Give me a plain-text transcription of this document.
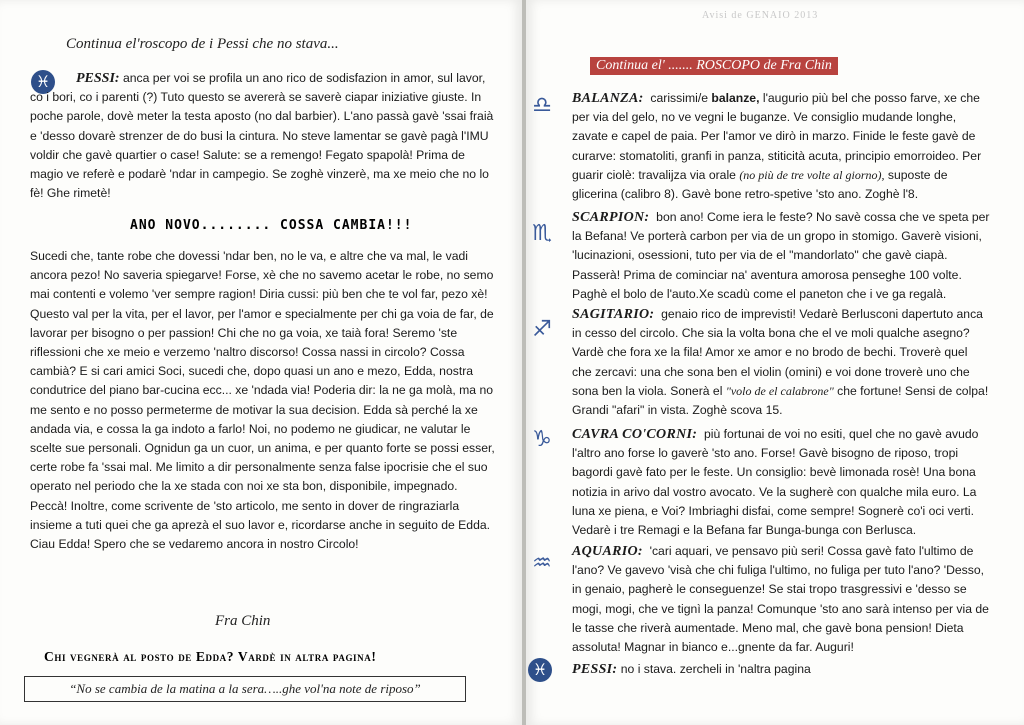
Continua el'roscopo de i Pessi che no stava...
♓	PESSI: anca per voi se profila un ano rico de sodisfazion in amor, sul lavor, co i bori, co i parenti (?) Tuto questo se avererà se saverè ciapar iniziative giuste. In poche parole, dovè meter la testa aposto (no dal barbier). L'ano passà gavè 'ssai fraià e 'desso dovarè strenzer de do busi la cintura. No steve lamentar se gavè pagà l'IMU voldir che gavè quartier o case! Salute: se a remengo! Fegato spapolà! Prima de magio ve referè e podarè 'ndar in campegio. Se zoghè vinzerè, ma xe meio che no lo fè! Ghe rimetè!
ANO NOVO........ COSSA CAMBIA!!!
Sucedi che, tante robe che dovessi 'ndar ben, no le va, e altre che va mal, le vadi ancora pezo! No saveria spiegarve! Forse, xè che no savemo acetar le robe, no semo mai contenti e volemo 'ver sempre ragion! Diria cussi: più ben che te vol far, pezo xè! Questo val per la vita, per el lavor, per l'amor e specialmente per chi ga voia de far, de lavorar per bisogno o per passion! Chi che no ga voia, xe taià fora! Seremo 'ste riflessioni che xe meio e verzemo 'naltro discorso! Cossa nassi in circolo? Cossa cambià? E si cari amici Soci, sucedi che, dopo quasi un ano e mezo, Edda, nostra condutrice del piano bar-cucina ecc... xe 'ndada via! Poderia dir: la ne ga molà, ma no me sento e no posso permeterme de motivar la sua decision. Edda sà perché la xe andada via, e cossa la ga indoto a farlo! Noi, no podemo ne giudicar, ne valutar le scelte sue personali. Ognidun ga un cuor, un anima, e per quanto forte se possi esser, certe robe fa 'ssai mal. Me limito a dir personalmente senza false ipocrisie che el suo operato nel periodo che la xe stada con noi xe sta bon, disponibile, impegnado. Peccà! Inoltre, come scrivente de 'sto articolo, me sento in dover de ringraziarla insieme a tuti quei che ga aprezà el suo lavor e, ricordarse anche in seguito de Edda. Ciau Edda! Spero che se vedaremo ancora in nostro Circolo!
Fra Chin
Chi vegnerà al posto de Edda? Vardè in altra pagina!
“No se cambia de la matina a la sera…..ghe vol'na note de riposo”
Avisi de GENAIO 2013
Continua el' ....... ROSCOPO de Fra Chin
♎ BALANZA: carissimi/e balanze, l'augurio più bel che posso farve, xe che per via del gelo, no ve vegni le buganze. Ve consiglio mudande longhe, zavate e capel de paia. Per l'amor ve dirò in marzo. Finide le feste gavè de curarve: stomatoliti, granfi in panza, stiticità acuta, principio emorroideo. Per guarir ciolè: travalijza via orale (no più de tre volte al giorno), suposte de glicerina (calibro 8). Gavè bone retro-spetive 'sto ano. Zoghè l'8.
♏
SCARPION: bon ano! Come iera le feste? No savè cossa che ve speta per la Befana! Ve porterà carbon per via de un gropo in stomigo. Gaverè visioni, 'lucinazioni, osessioni, tuto per via de el "mandorlato" che gavè ciapà. Passerà! Prima de cominciar na' aventura amorosa penseghe 100 volte. Paghè el bolo de l'auto.Xe scadù come el paneton che i ve ga regalà.
♐
SAGITARIO: genaio rico de imprevisti! Vedarè Berlusconi dapertuto anca in cesso del circolo. Che sia la volta bona che el ve moli qualche asegno? Vardè che fora xe la fila! Amor xe amor e no brodo de bechi. Troverè quel che zercavi: una che sona ben el violin (omini) e voi done troverè uno che sona ben la viola. Sonerà el "volo de el calabrone" che fortune! Sensi de colpa! Grandi "afari" in vista. Zoghè scova 15.
♑ CAVRA CO'CORNI: più fortunai de voi no esiti, quel che no gavè avudo l'altro ano forse lo gaverè 'sto ano. Forse! Gavè bisogno de riposo, tropi bagordi gavè fato per le feste. Un consiglio: bevè limonada rosè! Una bona notizia in arivo dal vostro avocato. Ve la sugherè con qualche mila euro. La luna xe piena, e Voi? Imbriaghi disfai, come sempre! Sognerè co'i oci verti. Vedarè i tre Remagi e la Befana far Bunga-bunga con Berlusca.
♒ AQUARIO: 'cari aquari, ve pensavo più seri! Cossa gavè fato l'ultimo de l'ano? Ve gavevo 'visà che chi fuliga l'ultimo, no fuliga per tuto l'ano? 'Desso, in genaio, pagherè le conseguenze! Se stai tropo trasgressivi e 'desso se mogi, mogi, che ve tignì la panza! Comunque 'sto ano sarà intenso per via de le tasse che riverà aumentade. Meno mal, che gavè bona pension! Dieta assoluta! Magnar in bianco e...gnente da far. Auguri!
♓	PESSI: no i stava. zercheli in 'naltra pagina
